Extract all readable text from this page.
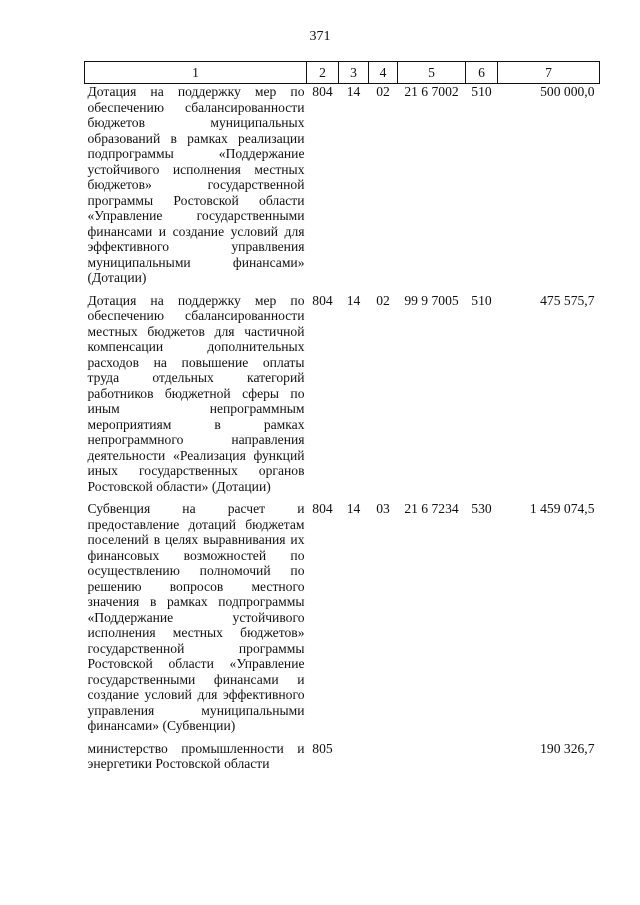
371
1	2	3	4	5	6	7
Дотация на поддержку мер по обеспечению сбалансированности бюджетов муниципальных образований в рамках реализации подпрограммы «Поддержание устойчивого исполнения местных бюджетов» государственной программы Ростовской области «Управление государственными финансами и создание условий для эффективного управлвения муниципальными финансами» (Дотации)	804	14	02	21 6 7002	510	500 000,0
Дотация на поддержку мер по обеспечению сбалансированности местных бюджетов для частичной компенсации дополнительных расходов на повышение оплаты труда отдельных категорий работников бюджетной сферы по иным непрограммным мероприятиям в рамках непрограммного направления деятельности «Реализация функций иных государственных органов Ростовской области» (Дотации)	804	14	02	99 9 7005	510	475 575,7
Субвенция на расчет и предоставление дотаций бюджетам поселений в целях выравнивания их финансовых возможностей по осуществлению полномочий по решению вопросов местного значения в рамках подпрограммы «Поддержание устойчивого исполнения местных бюджетов» государственной программы Ростовской области «Управление государственными финансами и создание условий для эффективного управления муниципальными финансами» (Субвенции)	804	14	03	21 6 7234	530	1 459 074,5
министерство промышленности и энергетики Ростовской области	805					190 326,7
